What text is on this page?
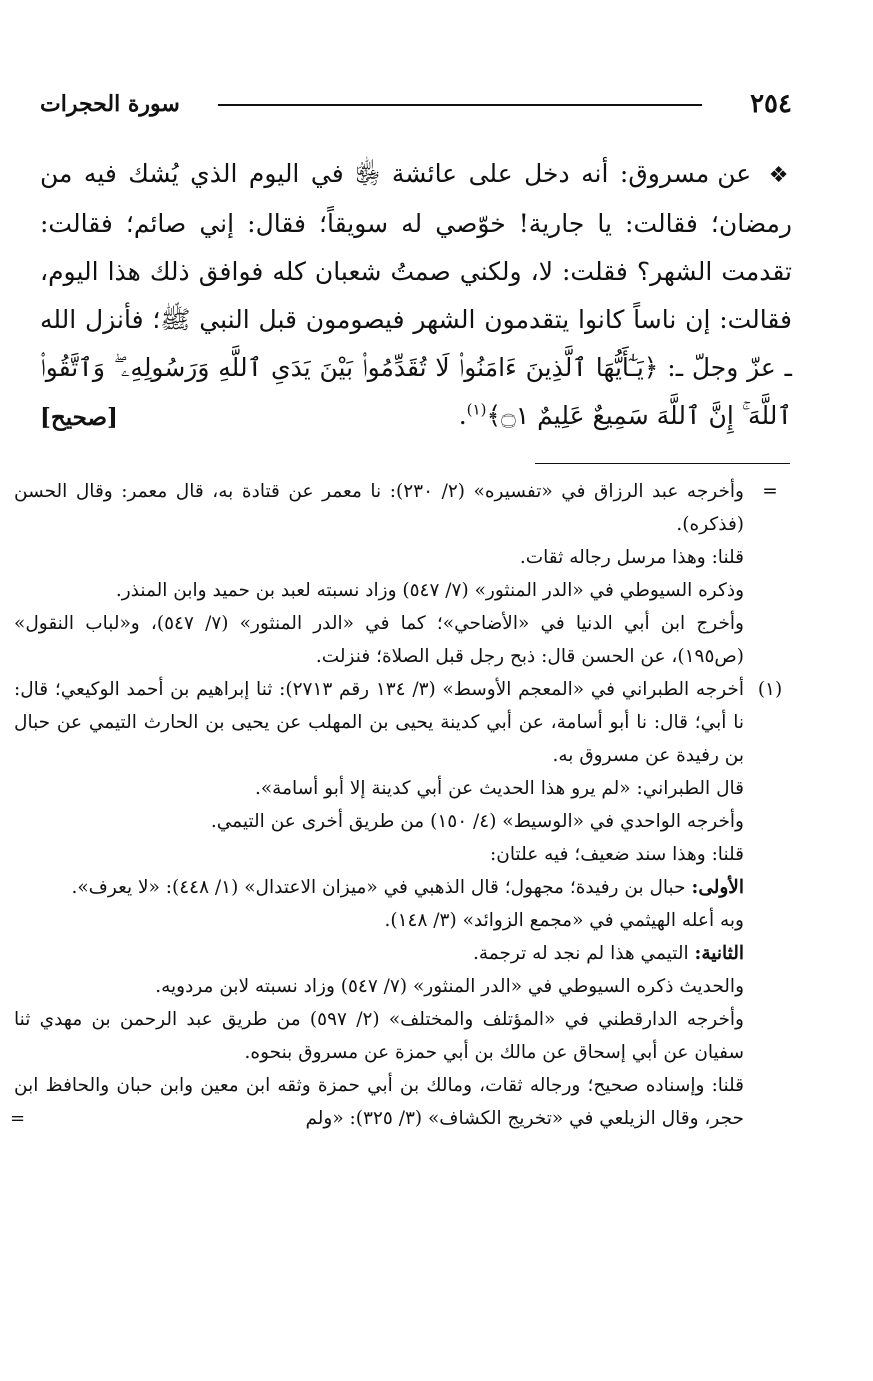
سورة الحجرات	٢٥٤

❖ عن مسروق: أنه دخل على عائشة ﵂ في اليوم الذي يُشك فيه من رمضان؛ فقالت: يا جارية! خوّصي له سويقاً؛ فقال: إني صائم؛ فقالت: تقدمت الشهر؟ فقلت: لا، ولكني صمتُ شعبان كله فوافق ذلك هذا اليوم، فقالت: إن ناساً كانوا يتقدمون الشهر فيصومون قبل النبي ﷺ؛ فأنزل الله ـ عزّ وجلّ ـ: ﴿يَـٰٓأَيُّهَا ٱلَّذِينَ ءَامَنُوا۟ لَا تُقَدِّمُوا۟ بَيْنَ يَدَىِ ٱللَّهِ وَرَسُولِهِۦ ۖ وَٱتَّقُوا۟ ٱللَّهَ ۚ إِنَّ ٱللَّهَ سَمِيعٌ عَلِيمٌ ۝١﴾$^{(١)}$.

[صحيح]
=
وأخرجه عبد الرزاق في «تفسيره» (٢/ ٢٣٠): نا معمر عن قتادة به، قال معمر: وقال الحسن (فذكره).
قلنا: وهذا مرسل رجاله ثقات.
وذكره السيوطي في «الدر المنثور» (٧/ ٥٤٧) وزاد نسبته لعبد بن حميد وابن المنذر.
وأخرج ابن أبي الدنيا في «الأضاحي»؛ كما في «الدر المنثور» (٧/ ٥٤٧)، و«لباب النقول» (ص١٩٥)، عن الحسن قال: ذبح رجل قبل الصلاة؛ فنزلت.
(١)
أخرجه الطبراني في «المعجم الأوسط» (٣/ ١٣٤ رقم ٢٧١٣): ثنا إبراهيم بن أحمد الوكيعي؛ قال: نا أبي؛ قال: نا أبو أسامة، عن أبي كدينة يحيى بن المهلب عن يحيى بن الحارث التيمي عن حبال بن رفيدة عن مسروق به.
قال الطبراني: «لم يرو هذا الحديث عن أبي كدينة إلا أبو أسامة».
وأخرجه الواحدي في «الوسيط» (٤/ ١٥٠) من طريق أخرى عن التيمي.
قلنا: وهذا سند ضعيف؛ فيه علتان:
الأولى: حبال بن رفيدة؛ مجهول؛ قال الذهبي في «ميزان الاعتدال» (١/ ٤٤٨): «لا يعرف».
وبه أعله الهيثمي في «مجمع الزوائد» (٣/ ١٤٨).
الثانية: التيمي هذا لم نجد له ترجمة.
والحديث ذكره السيوطي في «الدر المنثور» (٧/ ٥٤٧) وزاد نسبته لابن مردويه.
وأخرجه الدارقطني في «المؤتلف والمختلف» (٢/ ٥٩٧) من طريق عبد الرحمن بن مهدي ثنا سفيان عن أبي إسحاق عن مالك بن أبي حمزة عن مسروق بنحوه.
قلنا: وإسناده صحيح؛ ورجاله ثقات، ومالك بن أبي حمزة وثقه ابن معين وابن حبان والحافظ ابن حجر، وقال الزيلعي في «تخريج الكشاف» (٣/ ٣٢٥): «ولم
=
